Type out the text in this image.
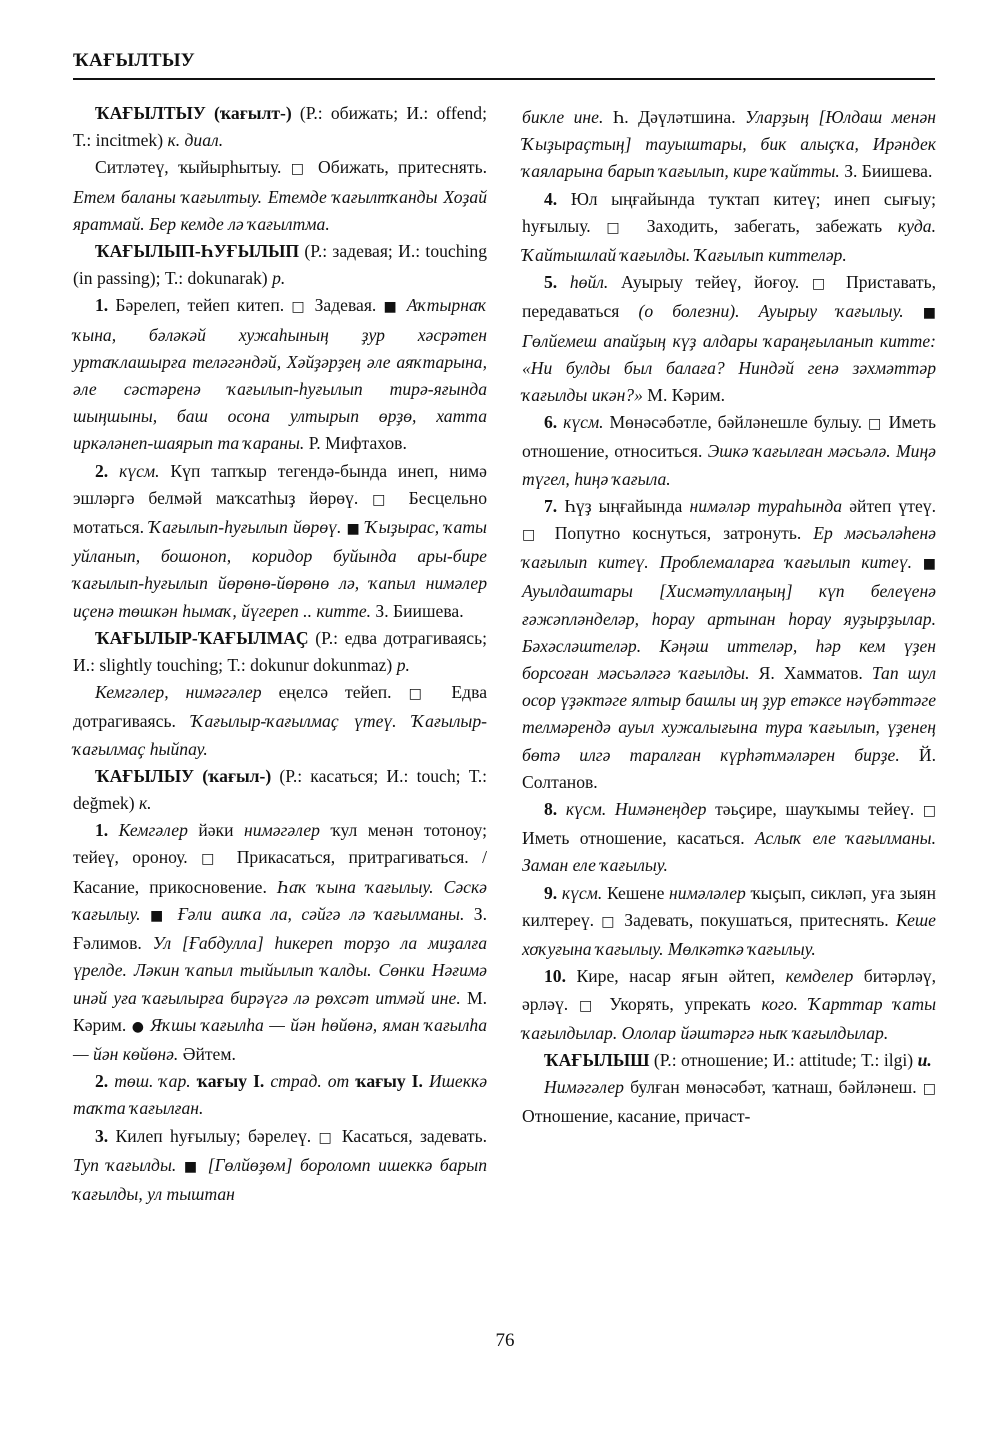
ҠАҒЫЛТЫУ

ҠАҒЫЛТЫУ (ҡағылт-) (Р.: обижать; И.: offend; Т.: incitmek) к. диал.

Ситләтеү, ҡыйырһытыу. □ Обижать, притеснять. Етем баланы ҡағылтыу. Етемде ҡағылтҡанды Хоҙай яратмай. Бер кемде лә ҡағылтма.

ҠАҒЫЛЫП-ҺУҒЫЛЫП (Р.: задевая; И.: touching (in passing); Т.: dokunarak) р.

1. Бәрелеп, тейеп китеп. □ Задевая. ■ Аҡтырнаҡ ҡына, бәләкәй хужаһының ҙур хәсрәтен уртаҡлашырға теләгәндәй, Хәйҙәрҙең әле аяҡтарына, әле сәстәренә ҡағылып-һуғылып тирә-яғында шыңшыны, баш осона ултырып өрҙө, хатта иркәләнеп-шаярып та ҡараны. Р. Мифтахов.

2. күсм. Күп тапҡыр тегендә-бында инеп, нимә эшләргә белмәй маҡсатһыҙ йөрөү. □ Бесцельно мотаться. Ҡағылып-һуғылып йөрөү. ■ Ҡыҙырас, ҡаты уйланып, бошоноп, коридор буйында ары-бире ҡағылып-һуғылып йөрөнө-йөрөнө лә, ҡапыл нимәлер иҫенә төшкән һымаҡ, йүгереп .. китте. З. Биишева.

ҠАҒЫЛЫР-ҠАҒЫЛМАҪ (Р.: едва дотрагиваясь; И.: slightly touching; Т.: dokunur dokunmaz) р.

Кемгәлер, нимәгәлер еңелсә тейеп. □ Едва дотрагиваясь. Ҡағылыр-ҡағылмаҫ үтеү. Ҡағылыр-ҡағылмаҫ һыйпау.

ҠАҒЫЛЫУ (ҡағыл-) (Р.: касаться; И.: touch; Т.: değmek) к.

1. Кемгәлер йәки нимәгәлер ҡул менән тотоноу; тейеү, ороноу. □ Прикасаться, притрагиваться. / Касание, прикосновение. Һаҡ ҡына ҡағылыу. Сәскә ҡағылыу. ■ Ғәли ашҡа ла, сәйгә лә ҡағылманы. З. Ғәлимов. Ул [Ғабдулла] һикереп торҙо ла миҙалға үрелде. Ләкин ҡапыл тыйылып ҡалды. Сөнки Нәғимә инәй уға ҡағылырға бирәүгә лә рөхсәт итмәй ине. М. Кәрим. ● Яҡшы ҡағылһа — йән һөйөнә, яман ҡағылһа — йән көйөнә. Әйтем.

2. төш. ҡар. ҡағыу I. страд. от ҡағыу I. Ишеккә таҡта ҡағылған.

3. Килеп һуғылыу; бәрелеү. □ Касаться, задевать. Туп ҡағылды. ■ [Гөлйөҙөм] бороломп ишеккә барып ҡағылды, ул тыштан

бикле ине. Һ. Дәүләтшина. Уларҙың [Юлдаш менән Ҡыҙыраҫтың] тауыштары, бик алыҫҡа, Ирәндек ҡаяларына барып ҡағылып, кире ҡайтты. З. Биишева.

4. Юл ыңғайында туҡтап китеү; инеп сығыу; һуғылыу. □ Заходить, забегать, забежать куда. Ҡайтышлай ҡағылды. Ҡағылып киттеләр.

5. һөйл. Ауырыу тейеү, йоғоу. □ Приставать, передаваться (о болезни). Ауырыу ҡағылыу. ■ Гөлйемеш апайҙың күҙ алдары ҡараңғыланып китте: «Ни булды был балаға? Ниндәй генә зәхмәттәр ҡағылды икән?» М. Кәрим.

6. күсм. Мөнәсәбәтле, бәйләнешле булыу. □ Иметь отношение, относиться. Эшкә ҡағылған мәсьәлә. Миңә түгел, һиңә ҡағыла.

7. Һүҙ ыңғайында нимәләр тураһында әйтеп үтеү. □ Попутно коснуться, затронуть. Ер мәсьәләһенә ҡағылып китеү. Проблемаларға ҡағылып китеү. ■ Ауылдаштары [Хисмәтуллаңың] күп белеүенә ғәжәпләнделәр, һорау артынан һорау яуҙырҙылар. Бәхәсләштеләр. Кәңәш иттеләр, һәр кем үҙен борсоған мәсьәләгә ҡағылды. Я. Хамматов. Тап шул осор үҙәктәге ялтыр башлы иң ҙур етәксе нәүбәттәге телмәрендә ауыл хужалығына тура ҡағылып, үҙенең бөтә илгә таралған күрһәтмәләрен бирҙе. Й. Солтанов.

8. күсм. Нимәнеңдер тәьҫире, шауҡымы тейеү. □ Иметь отношение, касаться. Аслыҡ еле ҡағылманы. Заман еле ҡағылыу.

9. күсм. Кешене нимәләлер ҡыҫып, сикләп, уға зыян килтереү. □ Задевать, покушаться, притеснять. Кеше хоҡуғына ҡағылыу. Мөлкәткә ҡағылыу.

10. Кире, насар яғын әйтеп, кемделер битәрләү, әрләү. □ Укорять, упрекать кого. Ҡарттар ҡаты ҡағылдылар. Ололар йәштәргә ныҡ ҡағылдылар.

ҠАҒЫЛЫШ (Р.: отношение; И.: attitude; Т.: ilgi) и.

Нимәгәлер булған мөнәсәбәт, ҡатнаш, бәйләнеш. □ Отношение, касание, причаст-

76
